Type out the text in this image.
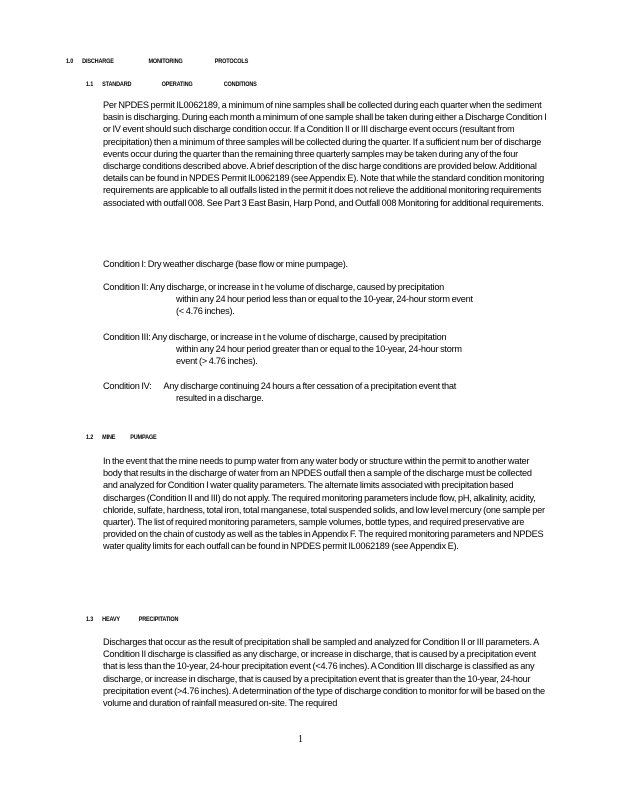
1.0 DISCHARGE	MONITORING	PROTOCOLS
1.1 STANDARD	OPERATING	CONDITIONS
Per NPDES permit IL0062189, a minimum of nine samples shall be collected during each quarter when the sediment basin is discharging. During each month a minimum of one sample shall be taken during either a Discharge Condition I or IV event should such discharge condition occur. If a Condition II or III discharge event occurs (resultant from precipitation) then a minimum of three samples will be collected during the quarter. If a sufficient num ber of discharge events occur during the quarter than the remaining three quarterly samples may be taken during any of the four discharge conditions described above. A brief description of the disc harge conditions are provided below. Additional details can be found in NPDES Permit IL0062189 (see Appendix E). Note that while the standard condition monitoring requirements are applicable to all outfalls listed in the permit it does not relieve the additional monitoring requirements associated with outfall 008. See Part 3 East Basin, Harp Pond, and Outfall 008 Monitoring for additional requirements.
Condition I: Dry weather discharge (base flow or mine pumpage).
Condition II: Any discharge, or increase in t he volume of discharge, caused by precipitation
within any 24 hour period less than or equal to the 10-year, 24-hour storm event
(< 4.76 inches).
Condition III: Any discharge, or increase in t he volume of discharge, caused by precipitation
within any 24 hour period greater than or equal to the 10-year, 24-hour storm
event (> 4.76 inches).
Condition IV: Any discharge continuing 24 hours a fter cessation of a precipitation event that
resulted in a discharge.
1.2 MINE PUMPAGE
In the event that the mine needs to pump water from any water body or structure within the permit to another water body that results in the discharge of water from an NPDES outfall then a sample of the discharge must be collected and analyzed for Condition I water quality parameters. The alternate limits associated with precipitation based discharges (Condition II and III) do not apply. The required monitoring parameters include flow, pH, alkalinity, acidity, chloride, sulfate, hardness, total iron, total manganese, total suspended solids, and low level mercury (one sample per quarter). The list of required monitoring parameters, sample volumes, bottle types, and required preservative are provided on the chain of custody as well as the tables in Appendix F. The required monitoring parameters and NPDES water quality limits for each outfall can be found in NPDES permit IL0062189 (see Appendix E).
1.3 HEAVY	PRECIPITATION
Discharges that occur as the result of precipitation shall be sampled and analyzed for Condition II or III parameters. A Condition II discharge is classified as any discharge, or increase in discharge, that is caused by a precipitation event that is less than the 10-year, 24-hour precipitation event (<4.76 inches). A Condition III discharge is classified as any discharge, or increase in discharge, that is caused by a precipitation event that is greater than the 10-year, 24-hour precipitation event (>4.76 inches). A determination of the type of discharge condition to monitor for will be based on the volume and duration of rainfall measured on-site. The required
1
